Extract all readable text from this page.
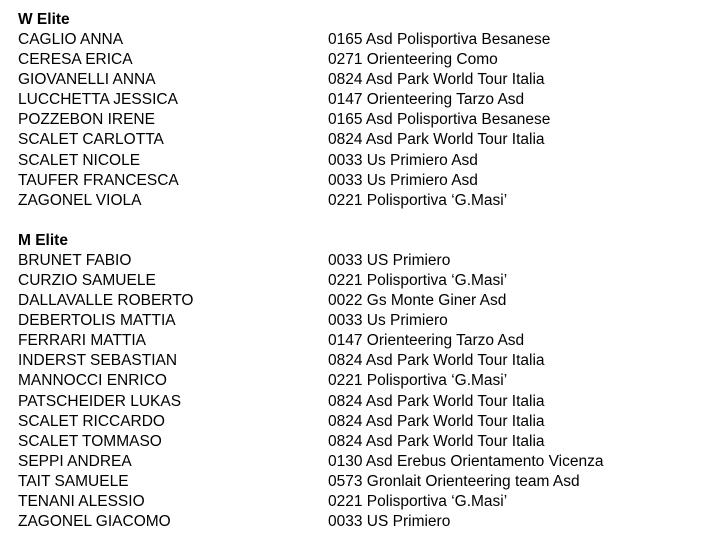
W Elite
CAGLIO ANNA	0165 Asd Polisportiva Besanese
CERESA ERICA	0271 Orienteering Como
GIOVANELLI ANNA	0824 Asd Park World Tour Italia
LUCCHETTA JESSICA	0147 Orienteering Tarzo Asd
POZZEBON IRENE	0165 Asd Polisportiva Besanese
SCALET CARLOTTA	0824 Asd Park World Tour Italia
SCALET NICOLE	0033 Us Primiero Asd
TAUFER FRANCESCA	0033 Us Primiero Asd
ZAGONEL VIOLA	0221 Polisportiva ‘G.Masi’
M Elite
BRUNET FABIO	0033 US Primiero
CURZIO SAMUELE	0221 Polisportiva ‘G.Masi’
DALLAVALLE ROBERTO	0022 Gs Monte Giner Asd
DEBERTOLIS MATTIA	0033 Us Primiero
FERRARI MATTIA	0147 Orienteering Tarzo Asd
INDERST SEBASTIAN	0824 Asd Park World Tour Italia
MANNOCCI ENRICO	0221 Polisportiva ‘G.Masi’
PATSCHEIDER LUKAS	0824 Asd Park World Tour Italia
SCALET RICCARDO	0824 Asd Park World Tour Italia
SCALET TOMMASO	0824 Asd Park World Tour Italia
SEPPI ANDREA	0130 Asd Erebus Orientamento Vicenza
TAIT SAMUELE	0573 Gronlait Orienteering team Asd
TENANI ALESSIO	0221 Polisportiva ‘G.Masi’
ZAGONEL GIACOMO	0033 US Primiero
